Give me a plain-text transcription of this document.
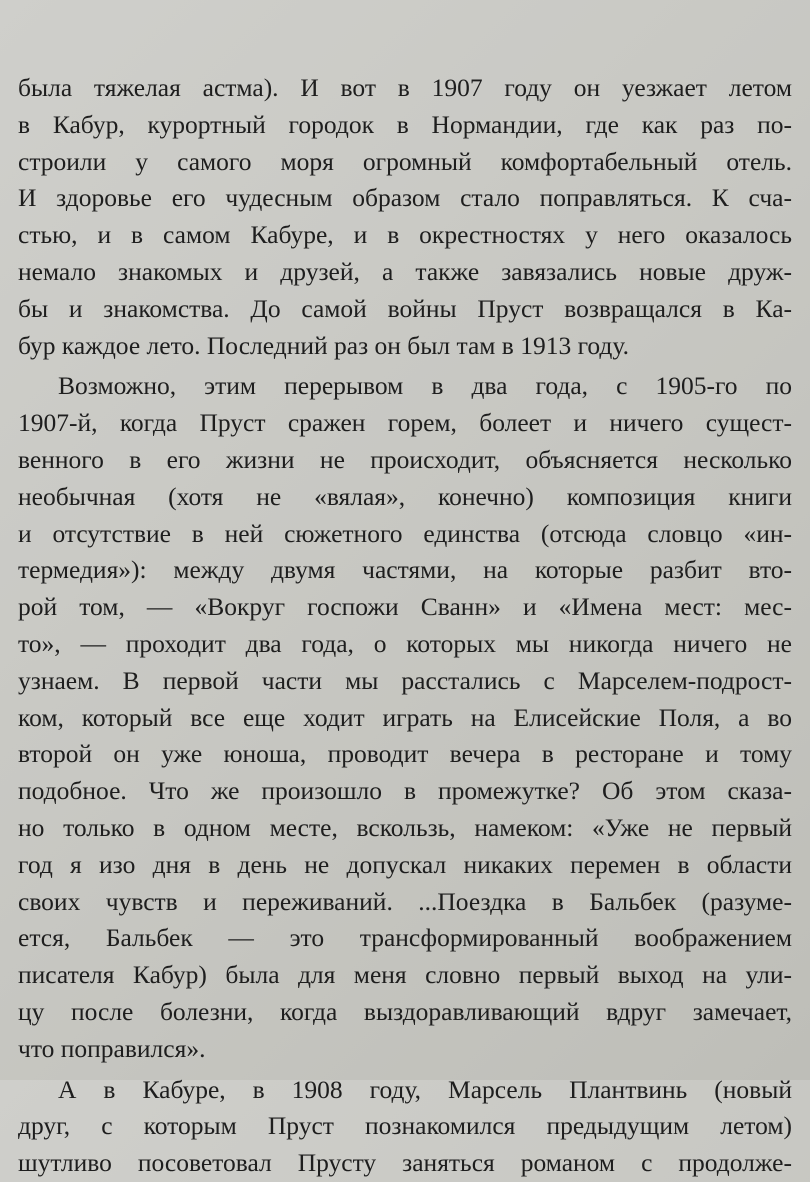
была тяжелая астма). И вот в 1907 году он уезжает летом
в Кабур, курортный городок в Нормандии, где как раз по-
строили у самого моря огромный комфортабельный отель.
И здоровье его чудесным образом стало поправляться. К сча-
стью, и в самом Кабуре, и в окрестностях у него оказалось
немало знакомых и друзей, а также завязались новые друж-
бы и знакомства. До самой войны Пруст возвращался в Ка-
бур каждое лето. Последний раз он был там в 1913 году.
Возможно, этим перерывом в два года, с 1905-го по
1907-й, когда Пруст сражен горем, болеет и ничего сущест-
венного в его жизни не происходит, объясняется несколько
необычная (хотя не «вялая», конечно) композиция книги
и отсутствие в ней сюжетного единства (отсюда словцо «ин-
термедия»): между двумя частями, на которые разбит вто-
рой том, — «Вокруг госпожи Сванн» и «Имена мест: мес-
то», — проходит два года, о которых мы никогда ничего не
узнаем. В первой части мы расстались с Марселем-подрост-
ком, который все еще ходит играть на Елисейские Поля, а во
второй он уже юноша, проводит вечера в ресторане и тому
подобное. Что же произошло в промежутке? Об этом сказа-
но только в одном месте, вскользь, намеком: «Уже не первый
год я изо дня в день не допускал никаких перемен в области
своих чувств и переживаний. ...Поездка в Бальбек (разуме-
ется, Бальбек — это трансформированный воображением
писателя Кабур) была для меня словно первый выход на ули-
цу после болезни, когда выздоравливающий вдруг замечает,
что поправился».
А в Кабуре, в 1908 году, Марсель Плантвинь (новый
друг, с которым Пруст познакомился предыдущим летом)
шутливо посоветовал Прусту заняться романом с продолже-
